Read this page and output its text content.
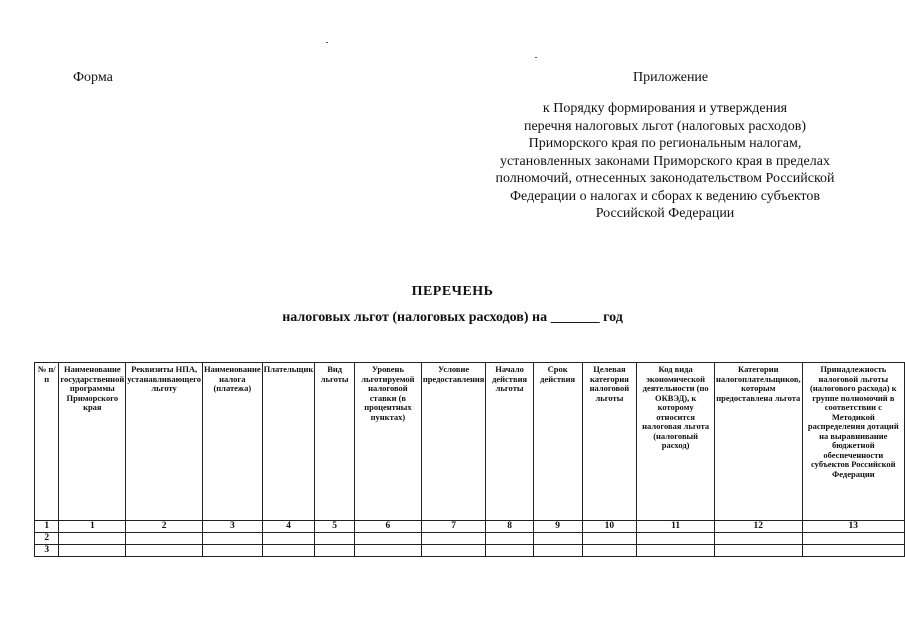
Форма	Приложение
к Порядку формирования и утверждения
перечня налоговых льгот (налоговых расходов)
Приморского края по региональным налогам,
установленных законами Приморского края в пределах
полномочий, отнесенных законодательством Российской
Федерации о налогах и сборах к ведению субъектов
Российской Федерации
ПЕРЕЧЕНЬ
налоговых льгот (налоговых расходов) на _______ год
№ п/п	Наименование государственной программы Приморского края	Реквизиты НПА, устанавливающего льготу	Наименование налога (платежа)	Плательщик	Вид льготы	Уровень льготируемой налоговой ставки (в процентных пунктах)	Условие предоставления	Начало действия льготы	Срок действия	Целевая категория налоговой льготы	Код вида экономической деятельности (по ОКВЭД), к которому относится налоговая льгота (налоговый расход)	Категории налогоплательщиков, которым предоставлена льгота	Принадлежность налоговой льготы (налогового расхода) к группе полномочий в соответствии с Методикой распределения дотаций на выравнивание бюджетной обеспеченности субъектов Российской Федерации
1	1	2	3	4	5	6	7	8	9	10	11	12	13
2													
3													
